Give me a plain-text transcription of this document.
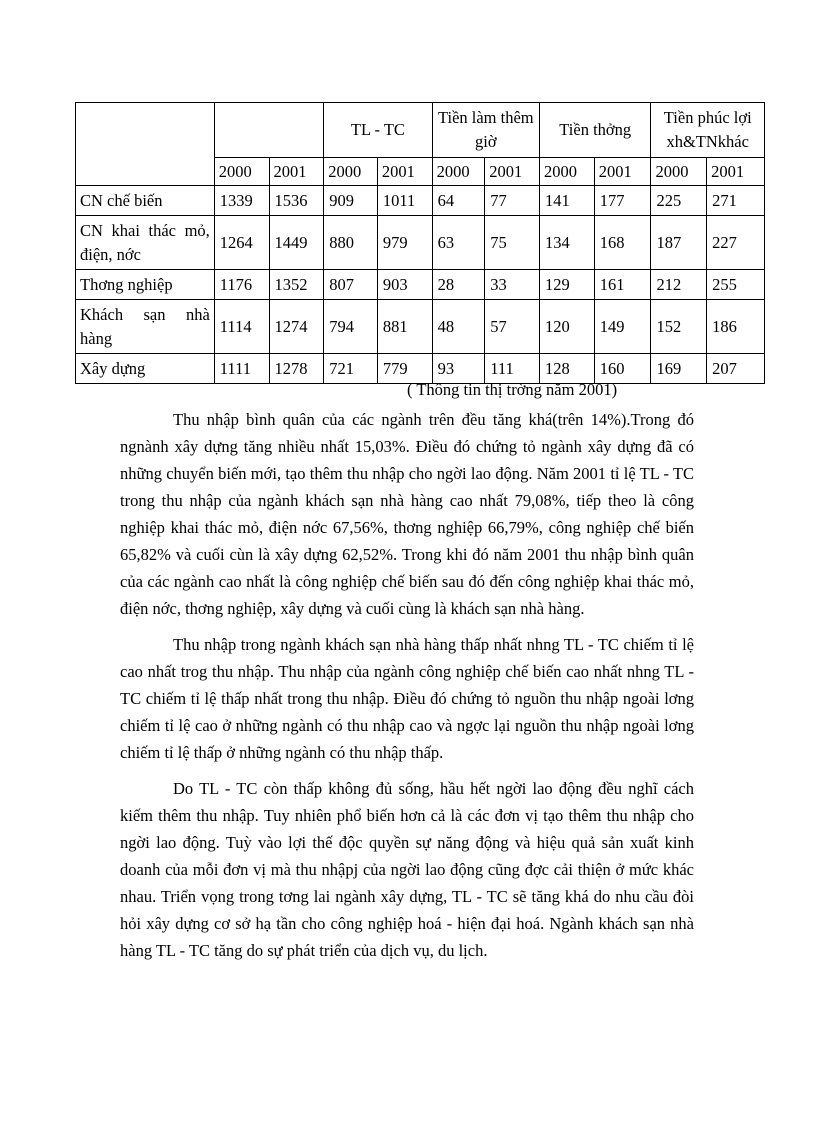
			TL - TC		Tiền làm thêm giờ		Tiền thởng		Tiền phúc lợi xh&TNkhác	
	2000	2001	2000	2001	2000	2001	2000	2001	2000	2001
CN chế biến	1339	1536	909	1011	64	77	141	177	225	271
CN khai thác mỏ, điện, nớc	1264	1449	880	979	63	75	134	168	187	227
Thơng nghiệp	1176	1352	807	903	28	33	129	161	212	255
Khách sạn nhà hàng	1114	1274	794	881	48	57	120	149	152	186
Xây dựng	1111	1278	721	779	93	111	128	160	169	207
( Thông tin thị trờng năm 2001)

Thu nhập bình quân của các ngành trên đều tăng khá(trên 14%).Trong đó ngnành xây dựng tăng nhiều nhất 15,03%. Điều đó chứng tỏ ngành xây dựng đã có những chuyển biến mới, tạo thêm thu nhập cho ngời lao động. Năm 2001 tỉ lệ TL - TC trong thu nhập của ngành khách sạn nhà hàng cao nhất 79,08%, tiếp theo là công nghiệp khai thác mỏ, điện nớc 67,56%, thơng nghiệp 66,79%, công nghiệp chế biến 65,82% và cuối cùn là xây dựng 62,52%. Trong khi đó năm 2001 thu nhập bình quân của các ngành cao nhất là công nghiệp chế biến sau đó đến công nghiệp khai thác mỏ, điện nớc, thơng nghiệp, xây dựng và cuối cùng là khách sạn nhà hàng.

Thu nhập trong ngành khách sạn nhà hàng thấp nhất nhng TL - TC chiếm tỉ lệ cao nhất trog thu nhập. Thu nhập của ngành công nghiệp chế biến cao nhất nhng TL - TC chiếm tỉ lệ thấp nhất trong thu nhập. Điều đó chứng tỏ nguồn thu nhập ngoài lơng chiếm tỉ lệ cao ở những ngành có thu nhập cao và ngợc lại nguồn thu nhập ngoài lơng chiếm tỉ lệ thấp ở những ngành có thu nhập thấp.

Do TL - TC còn thấp không đủ sống, hầu hết ngời lao động đều nghĩ cách kiếm thêm thu nhập. Tuy nhiên phổ biến hơn cả là các đơn vị tạo thêm thu nhập cho ngời lao động. Tuỳ vào lợi thế độc quyền sự năng động và hiệu quả sản xuất kinh doanh của mỗi đơn vị mà thu nhậpj của ngời lao động cũng đợc cải thiện ở mức khác nhau. Triển vọng trong tơng lai ngành xây dựng, TL - TC sẽ tăng khá do nhu cầu đòi hỏi xây dựng cơ sở hạ tần cho công nghiệp hoá - hiện đại hoá. Ngành khách sạn nhà hàng TL - TC tăng do sự phát triển của dịch vụ, du lịch.
